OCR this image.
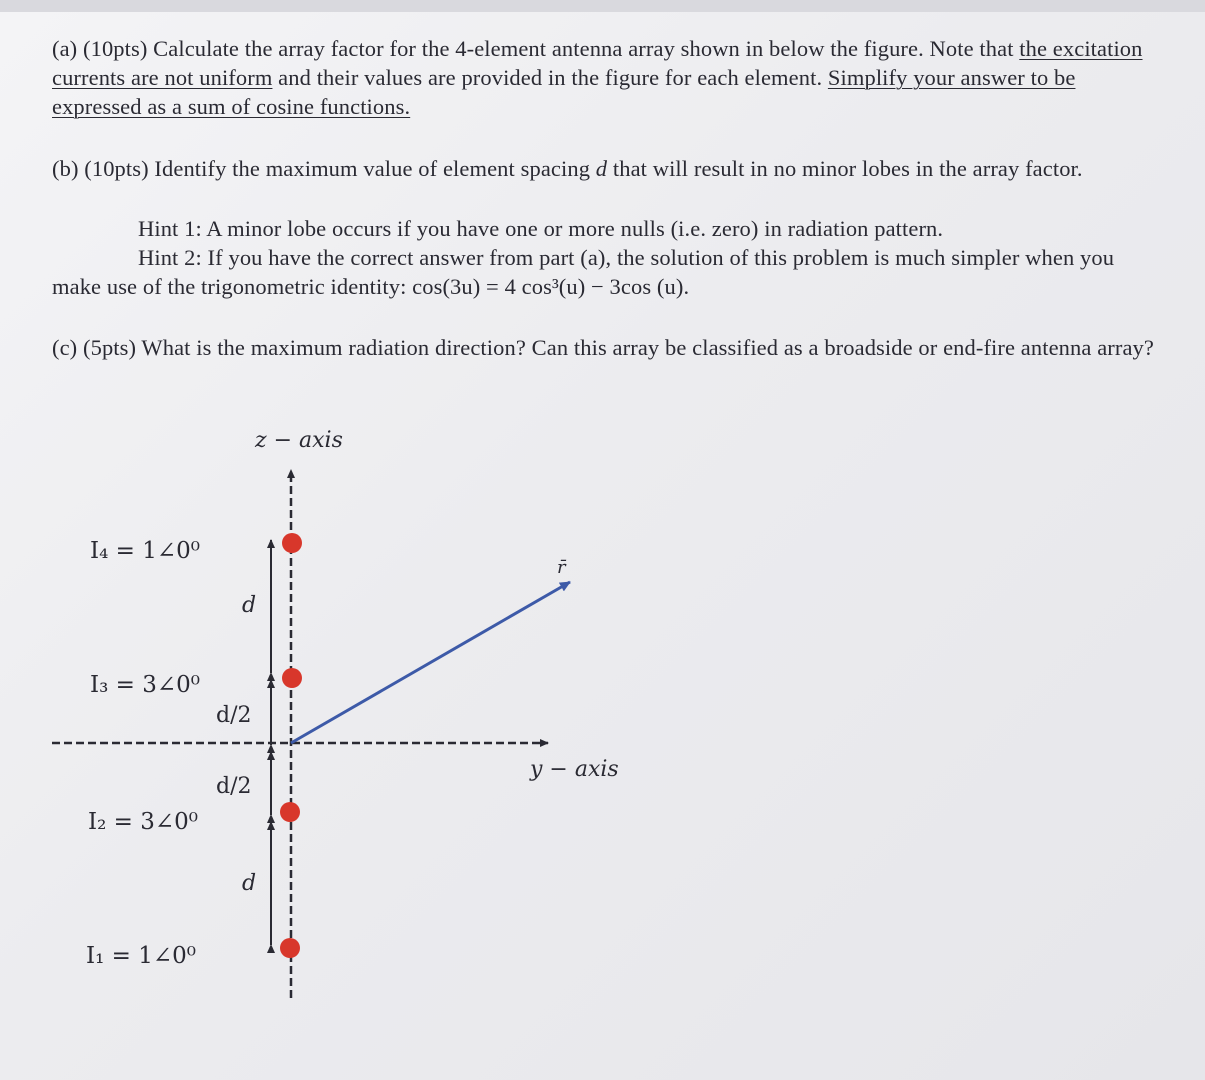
(a) (10pts) Calculate the array factor for the 4-element antenna array shown in below the figure. Note that the excitation currents are not uniform and their values are provided in the figure for each element. Simplify your answer to be expressed as a sum of cosine functions.
(b) (10pts) Identify the maximum value of element spacing d that will result in no minor lobes in the array factor.
Hint 1: A minor lobe occurs if you have one or more nulls (i.e. zero) in radiation pattern.
Hint 2: If you have the correct answer from part (a), the solution of this problem is much simpler when you make use of the trigonometric identity: cos(3u) = 4 cos³(u) − 3cos (u).
(c) (5pts) What is the maximum radiation direction? Can this array be classified as a broadside or end-fire antenna array?
z − axis
y − axis
r̄
d
d/2
d/2
d
I₄ = 1∠0⁰
I₃ = 3∠0⁰
I₂ = 3∠0⁰
I₁ = 1∠0⁰
